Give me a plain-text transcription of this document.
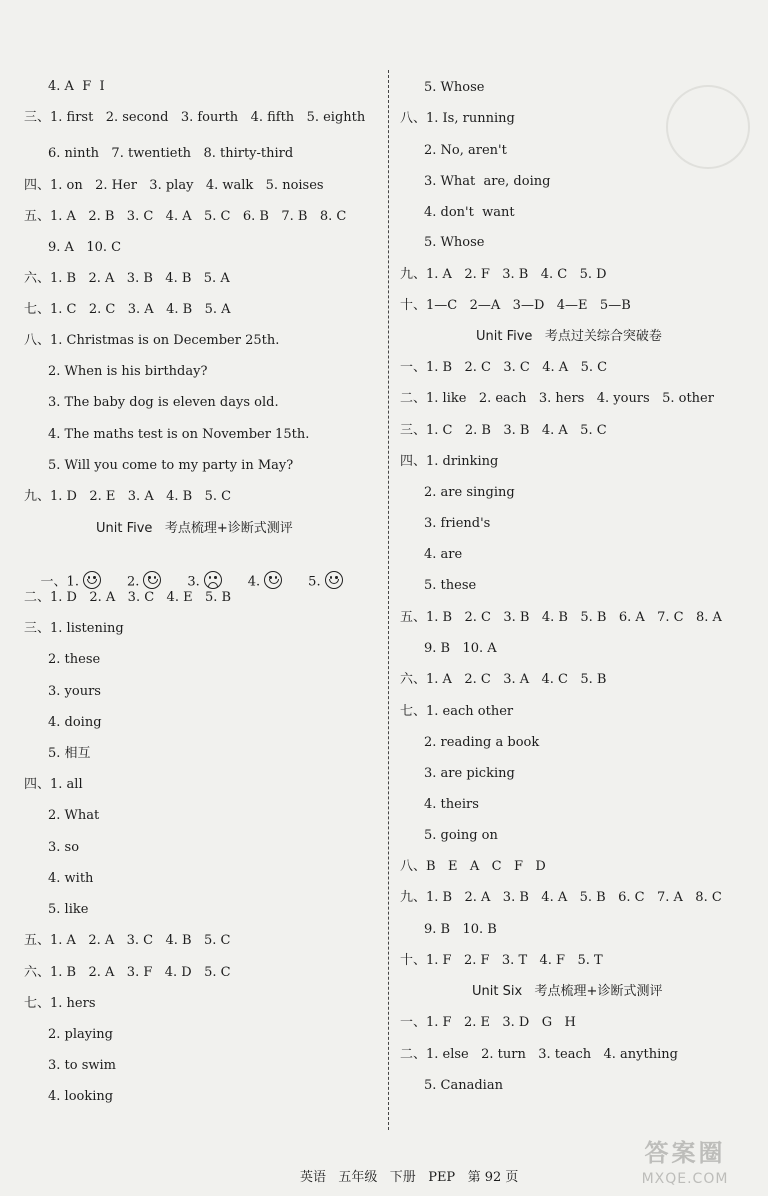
4. A  F  I
三、1. first   2. second   3. fourth   4. fifth   5. eighth
6. ninth   7. twentieth   8. thirty-third
四、1. on   2. Her   3. play   4. walk   5. noises
五、1. A   2. B   3. C   4. A   5. C   6. B   7. B   8. C
9. A   10. C
六、1. B   2. A   3. B   4. B   5. A
七、1. C   2. C   3. A   4. B   5. A
八、1. Christmas is on December 25th.
2. When is his birthday?
3. The baby dog is eleven days old.
4. The maths test is on November 15th.
5. Will you come to my party in May?
九、1. D   2. E   3. A   4. B   5. C
Unit Five   考点梳理+诊断式测评

一、1.	2.	3.	4.	5.

二、1. D   2. A   3. C   4. E   5. B
三、1. listening
2. these
3. yours
4. doing
5. 相互
四、1. all
2. What
3. so
4. with
5. like
五、1. A   2. A   3. C   4. B   5. C
六、1. B   2. A   3. F   4. D   5. C
七、1. hers
2. playing
3. to swim
4. looking
5. Whose
八、1. Is, running
2. No, aren't
3. What  are, doing
4. don't  want
5. Whose
九、1. A   2. F   3. B   4. C   5. D
十、1—C   2—A   3—D   4—E   5—B
Unit Five   考点过关综合突破卷
一、1. B   2. C   3. C   4. A   5. C
二、1. like   2. each   3. hers   4. yours   5. other
三、1. C   2. B   3. B   4. A   5. C
四、1. drinking
2. are singing
3. friend's
4. are
5. these
五、1. B   2. C   3. B   4. B   5. B   6. A   7. C   8. A
9. B   10. A
六、1. A   2. C   3. A   4. C   5. B
七、1. each other
2. reading a book
3. are picking
4. theirs
5. going on
八、B   E   A   C   F   D
九、1. B   2. A   3. B   4. A   5. B   6. C   7. A   8. C
9. B   10. B
十、1. F   2. F   3. T   4. F   5. T
Unit Six   考点梳理+诊断式测评
一、1. F   2. E   3. D   G   H
二、1. else   2. turn   3. teach   4. anything
5. Canadian
英语   五年级   下册   PEP   第 92 页
答案圈
MXQE.COM
